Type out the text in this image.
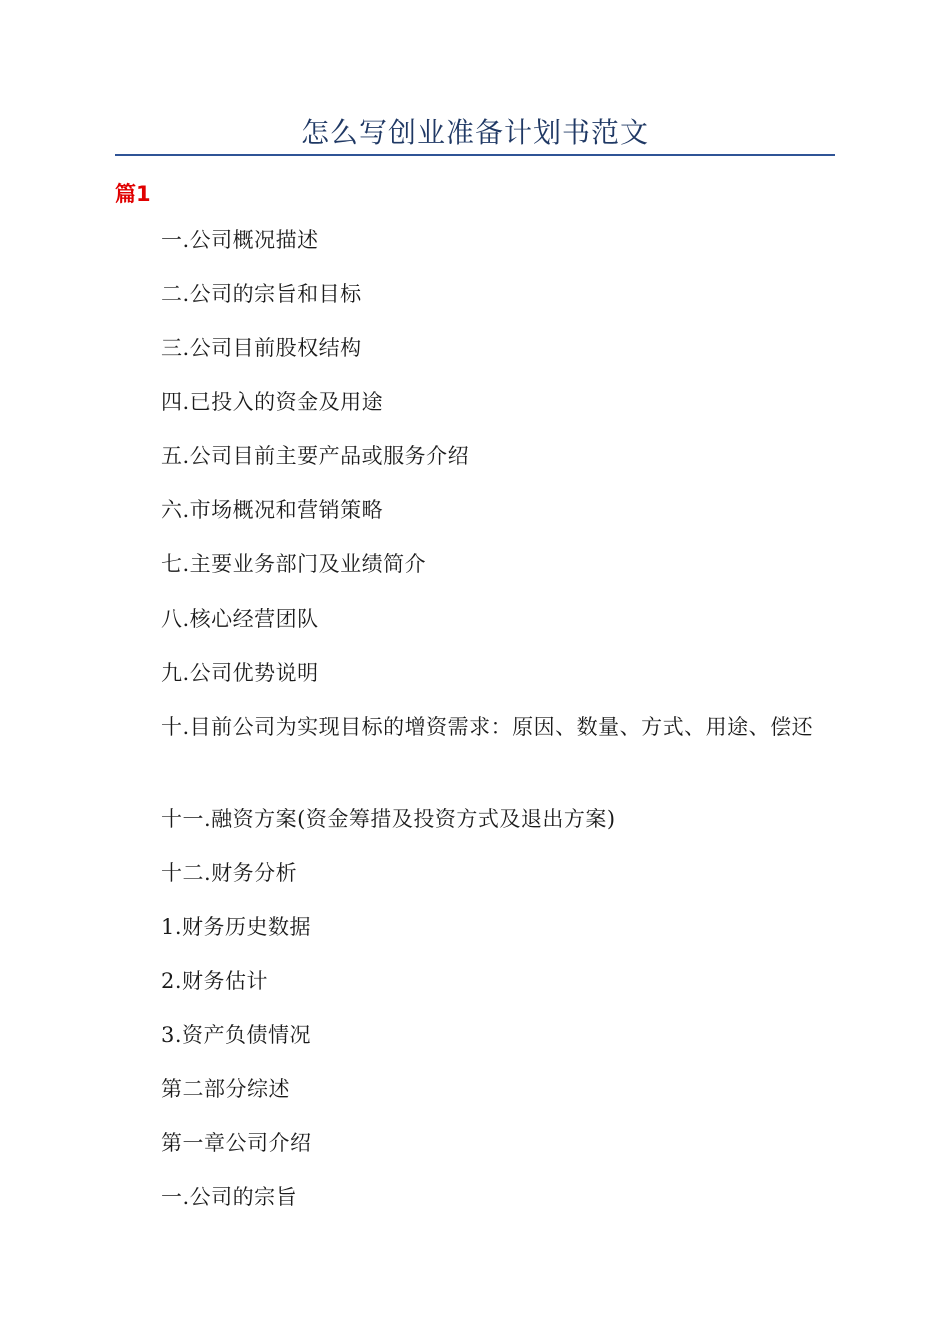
怎么写创业准备计划书范文
篇1

一.公司概况描述

二.公司的宗旨和目标

三.公司目前股权结构

四.已投入的资金及用途

五.公司目前主要产品或服务介绍

六.市场概况和营销策略

七.主要业务部门及业绩简介

八.核心经营团队

九.公司优势说明

十.目前公司为实现目标的增资需求：原因、数量、方式、用途、偿还

十一.融资方案(资金筹措及投资方式及退出方案)

十二.财务分析

1.财务历史数据

2.财务估计

3.资产负债情况

第二部分综述

第一章公司介绍

一.公司的宗旨
